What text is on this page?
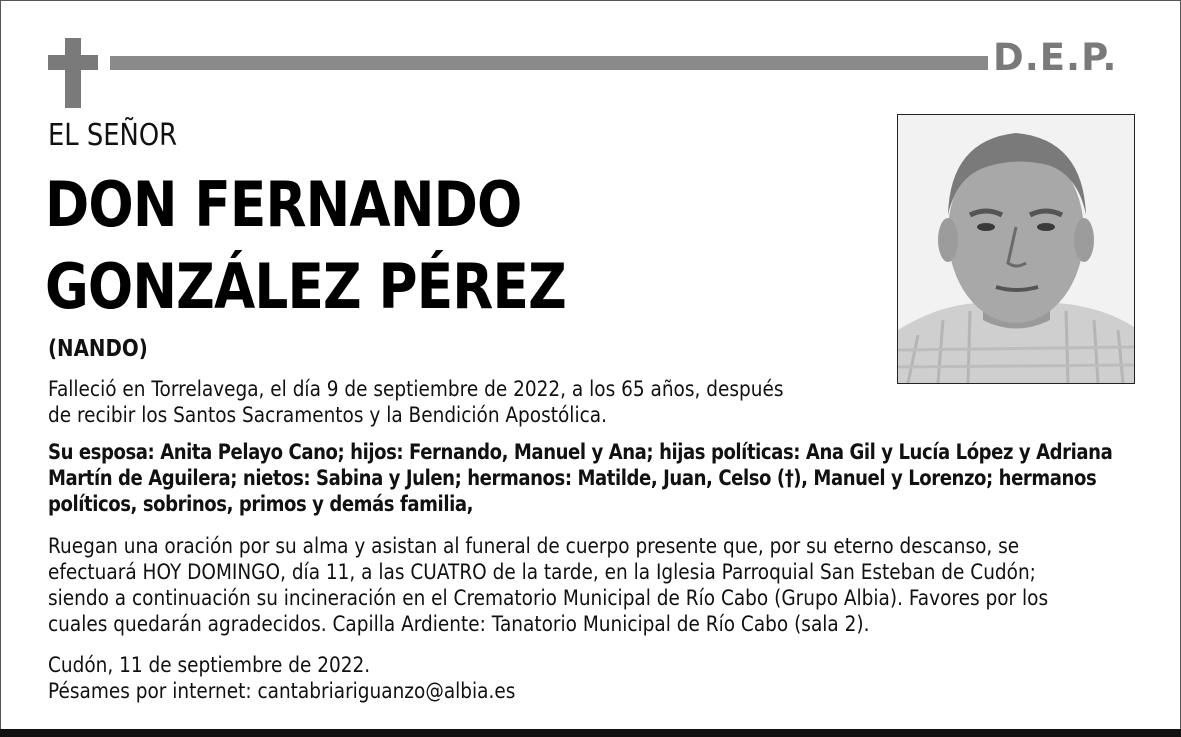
D.E.P.
EL SEÑOR
DON FERNANDO
GONZÁLEZ PÉREZ
(NANDO)
Falleció en Torrelavega, el día 9 de septiembre de 2022, a los 65 años, después
de recibir los Santos Sacramentos y la Bendición Apostólica.
Su esposa: Anita Pelayo Cano; hijos: Fernando, Manuel y Ana; hijas políticas: Ana Gil y Lucía López y Adriana
Martín de Aguilera; nietos: Sabina y Julen; hermanos: Matilde, Juan, Celso (†), Manuel y Lorenzo; hermanos
políticos, sobrinos, primos y demás familia,
Ruegan una oración por su alma y asistan al funeral de cuerpo presente que, por su eterno descanso, se
efectuará HOY DOMINGO, día 11, a las CUATRO de la tarde, en la Iglesia Parroquial San Esteban de Cudón;
siendo a continuación su incineración en el Crematorio Municipal de Río Cabo (Grupo Albia). Favores por los
cuales quedarán agradecidos. Capilla Ardiente: Tanatorio Municipal de Río Cabo (sala 2).
Cudón, 11 de septiembre de 2022.
Pésames por internet: cantabriariguanzo@albia.es
